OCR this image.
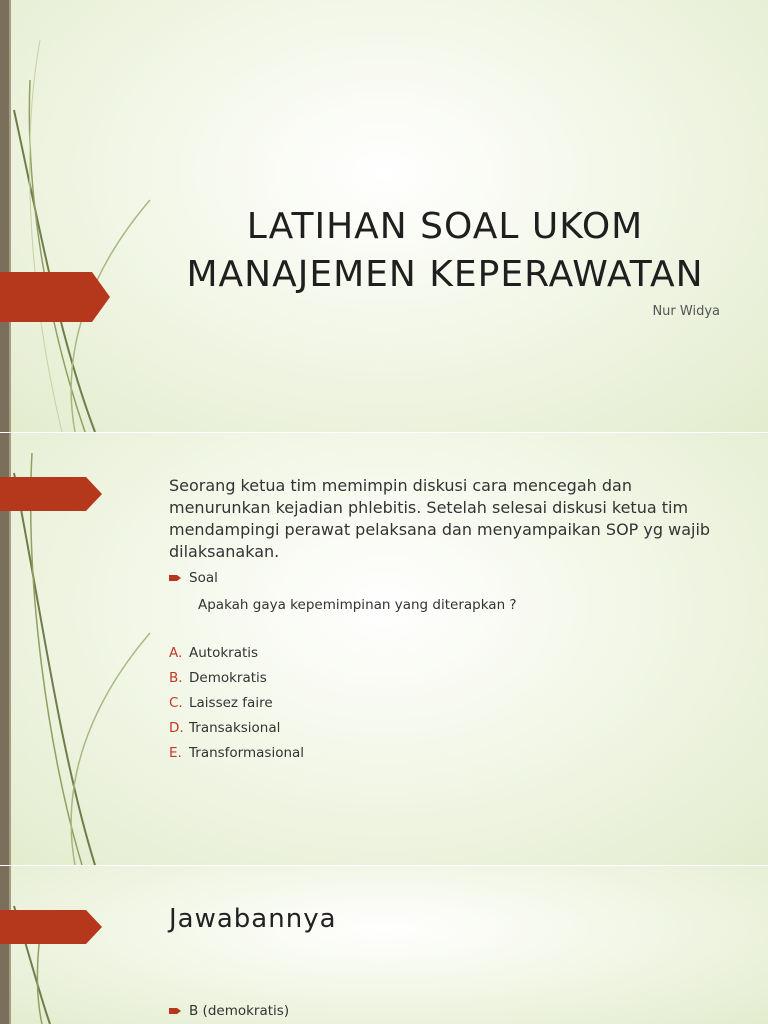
LATIHAN SOAL UKOM
MANAJEMEN KEPERAWATAN
Nur Widya

Seorang ketua tim memimpin diskusi cara mencegah dan menurunkan kejadian phlebitis. Setelah selesai diskusi ketua tim mendampingi perawat pelaksana dan menyampaikan SOP yg wajib dilaksanakan.

Soal
Apakah gaya kepemimpinan yang diterapkan ?
A. Autokratis
B. Demokratis
C. Laissez faire
D. Transaksional
E. Transformasional
Jawabannya
B (demokratis)
